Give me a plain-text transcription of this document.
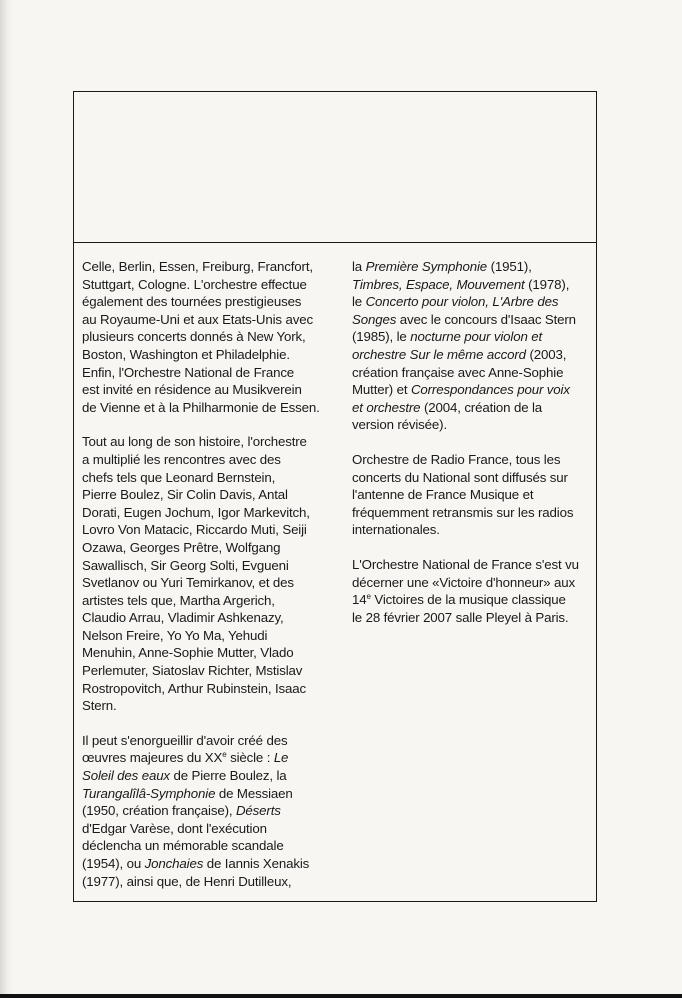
Celle, Berlin, Essen, Freiburg, Francfort,
Stuttgart, Cologne. L'orchestre effectue
également des tournées prestigieuses
au Royaume-Uni et aux Etats-Unis avec
plusieurs concerts donnés à New York,
Boston, Washington et Philadelphie.
Enfin, l'Orchestre National de France
est invité en résidence au Musikverein
de Vienne et à la Philharmonie de Essen.
Tout au long de son histoire, l'orchestre
a multiplié les rencontres avec des
chefs tels que Leonard Bernstein,
Pierre Boulez, Sir Colin Davis, Antal
Dorati, Eugen Jochum, Igor Markevitch,
Lovro Von Matacic, Riccardo Muti, Seiji
Ozawa, Georges Prêtre, Wolfgang
Sawallisch, Sir Georg Solti, Evgueni
Svetlanov ou Yuri Temirkanov, et des
artistes tels que, Martha Argerich,
Claudio Arrau, Vladimir Ashkenazy,
Nelson Freire, Yo Yo Ma, Yehudi
Menuhin, Anne-Sophie Mutter, Vlado
Perlemuter, Siatoslav Richter, Mstislav
Rostropovitch, Arthur Rubinstein, Isaac
Stern.
Il peut s'enorgueillir d'avoir créé des
œuvres majeures du XXe siècle : Le
Soleil des eaux de Pierre Boulez, la
Turangalîlâ-Symphonie de Messiaen
(1950, création française), Déserts
d'Edgar Varèse, dont l'exécution
déclencha un mémorable scandale
(1954), ou Jonchaies de Iannis Xenakis
(1977), ainsi que, de Henri Dutilleux,
la Première Symphonie (1951),
Timbres, Espace, Mouvement (1978),
le Concerto pour violon, L'Arbre des
Songes avec le concours d'Isaac Stern
(1985), le nocturne pour violon et
orchestre Sur le même accord (2003,
création française avec Anne-Sophie
Mutter) et Correspondances pour voix
et orchestre (2004, création de la
version révisée).
Orchestre de Radio France, tous les
concerts du National sont diffusés sur
l'antenne de France Musique et
fréquemment retransmis sur les radios
internationales.
L'Orchestre National de France s'est vu
décerner une «Victoire d'honneur» aux
14e Victoires de la musique classique
le 28 février 2007 salle Pleyel à Paris.
